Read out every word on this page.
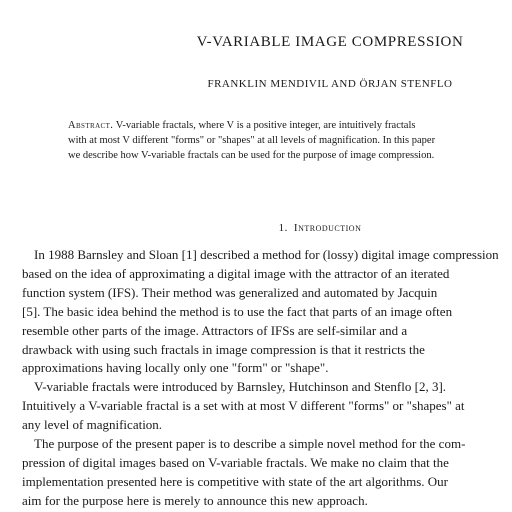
V-VARIABLE IMAGE COMPRESSION
FRANKLIN MENDIVIL AND ÖRJAN STENFLO
Abstract. V-variable fractals, where V is a positive integer, are intuitively fractals
with at most V different "forms" or "shapes" at all levels of magnification. In this paper
we describe how V-variable fractals can be used for the purpose of image compression.
1. Introduction
In 1988 Barnsley and Sloan [1] described a method for (lossy) digital image compression
based on the idea of approximating a digital image with the attractor of an iterated
function system (IFS). Their method was generalized and automated by Jacquin
[5]. The basic idea behind the method is to use the fact that parts of an image often
resemble other parts of the image. Attractors of IFSs are self-similar and a
drawback with using such fractals in image compression is that it restricts the
approximations having locally only one "form" or "shape".
V-variable fractals were introduced by Barnsley, Hutchinson and Stenflo [2, 3].
Intuitively a V-variable fractal is a set with at most V different "forms" or "shapes" at
any level of magnification.
The purpose of the present paper is to describe a simple novel method for the com-
pression of digital images based on V-variable fractals. We make no claim that the
implementation presented here is competitive with state of the art algorithms. Our
aim for the purpose here is merely to announce this new approach.
